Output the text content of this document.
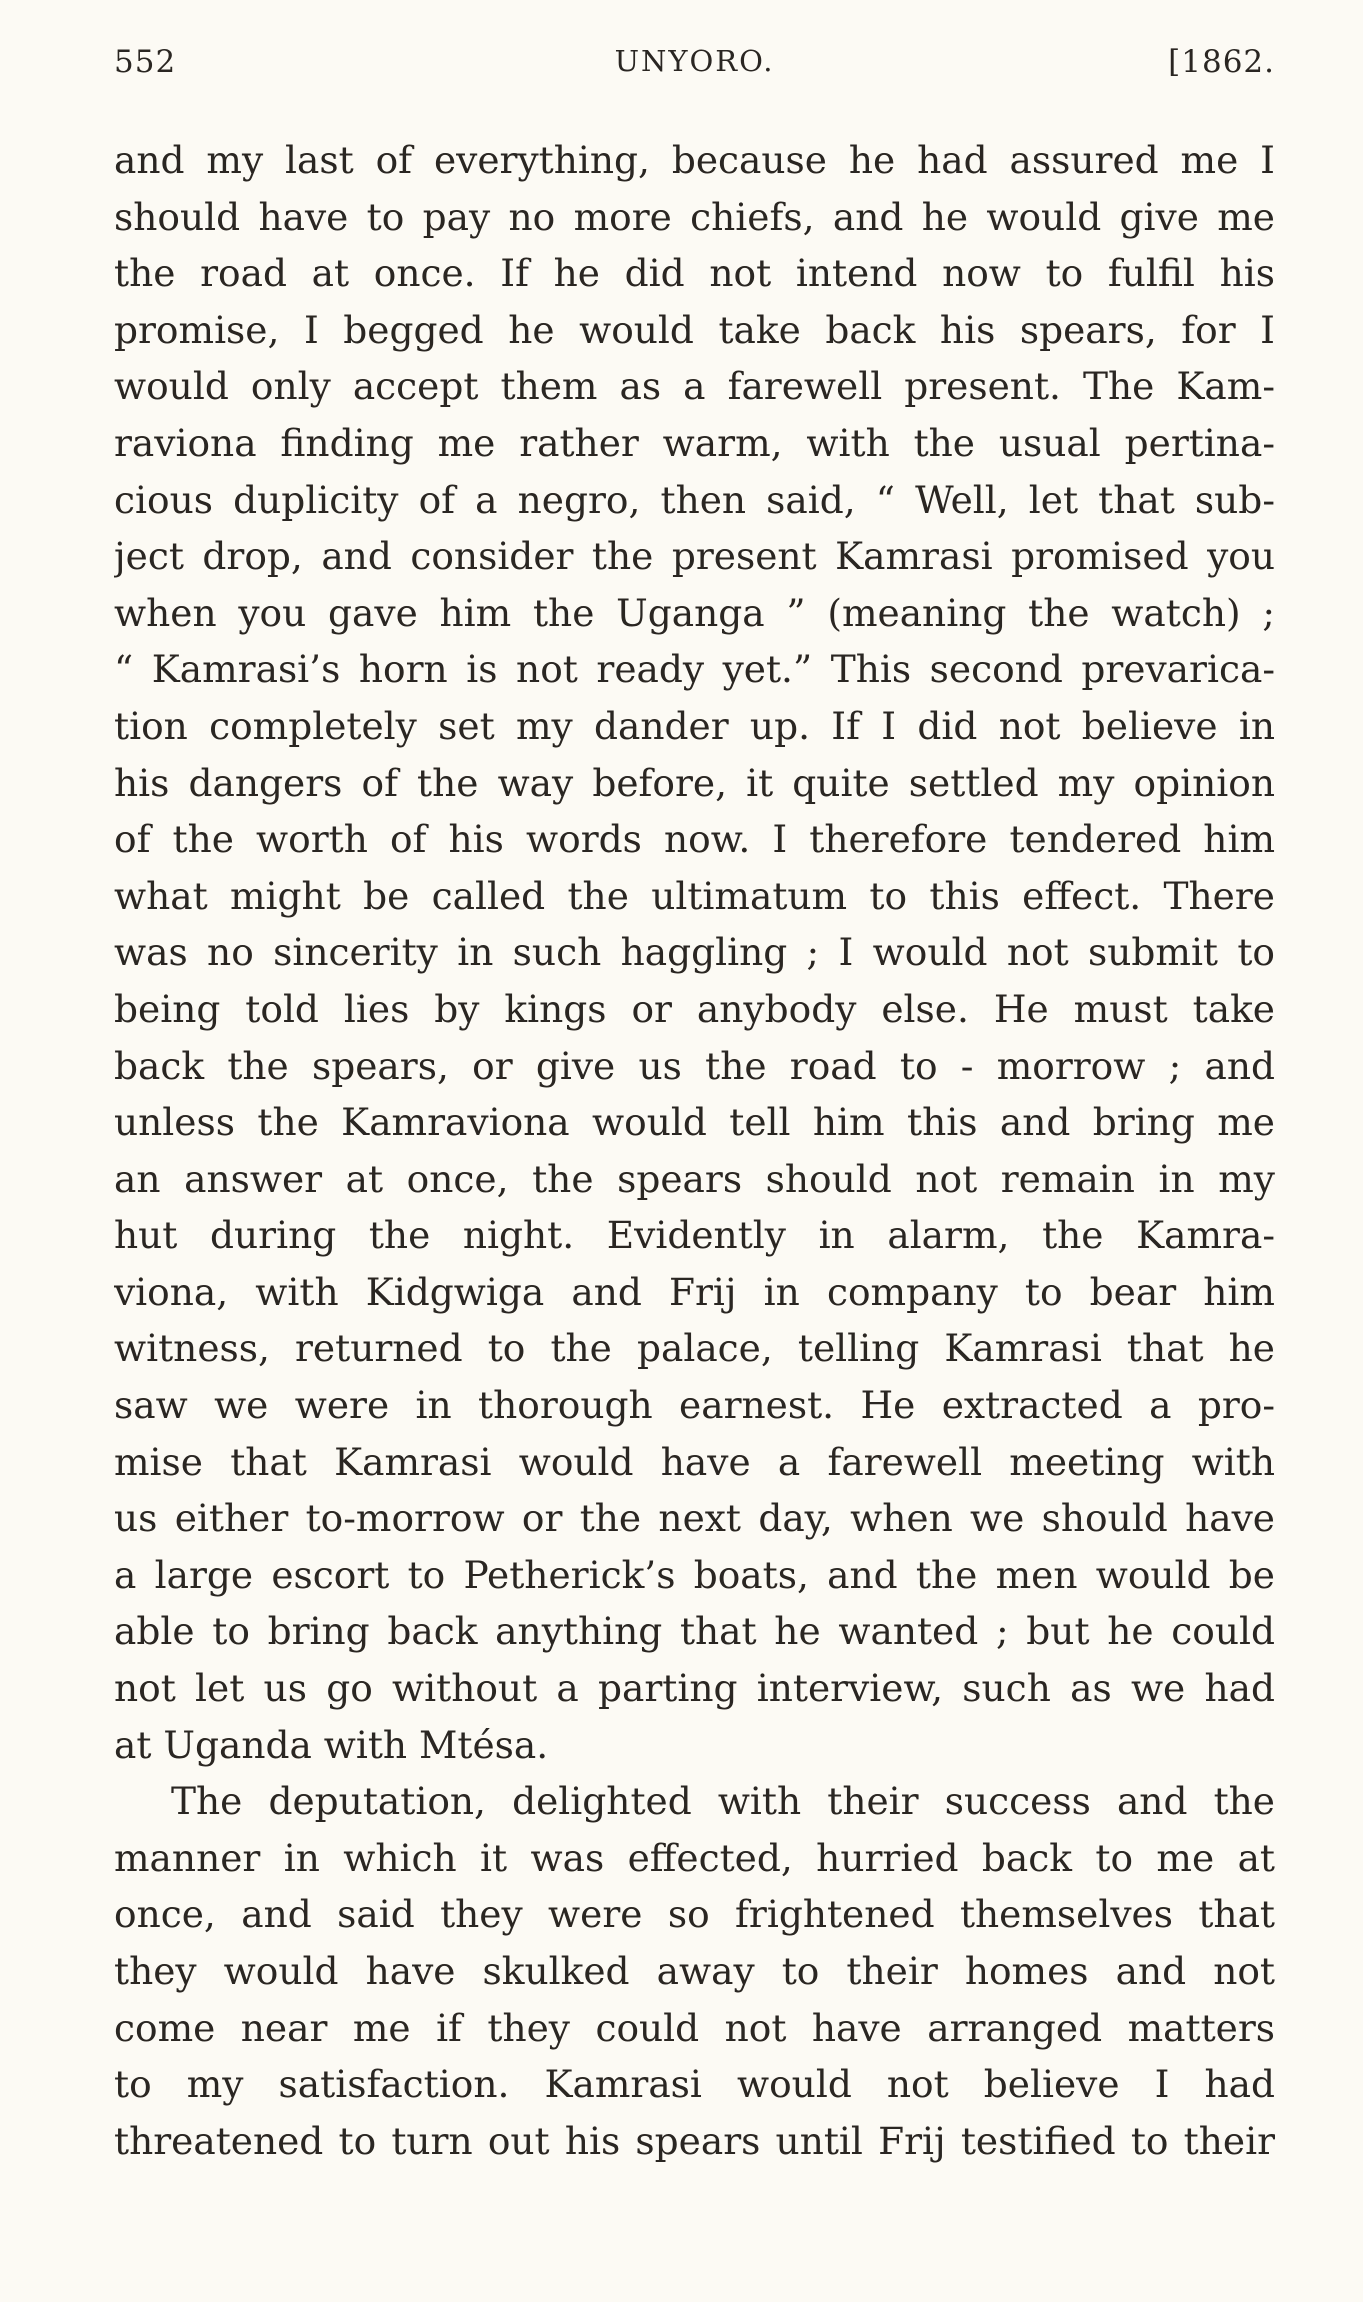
552	UNYORO.	[1862.
and my last of everything, because he had assured me I
should have to pay no more chiefs, and he would give me
the road at once. If he did not intend now to fulfil his
promise, I begged he would take back his spears, for I
would only accept them as a farewell present. The Kam-
raviona finding me rather warm, with the usual pertina-
cious duplicity of a negro, then said, “ Well, let that sub-
ject drop, and consider the present Kamrasi promised you
when you gave him the Uganga ” (meaning the watch) ;
“ Kamrasi’s horn is not ready yet.” This second prevarica-
tion completely set my dander up. If I did not believe in
his dangers of the way before, it quite settled my opinion
of the worth of his words now. I therefore tendered him
what might be called the ultimatum to this effect. There
was no sincerity in such haggling ; I would not submit to
being told lies by kings or anybody else. He must take
back the spears, or give us the road to - morrow ; and
unless the Kamraviona would tell him this and bring me
an answer at once, the spears should not remain in my
hut during the night. Evidently in alarm, the Kamra-
viona, with Kidgwiga and Frij in company to bear him
witness, returned to the palace, telling Kamrasi that he
saw we were in thorough earnest. He extracted a pro-
mise that Kamrasi would have a farewell meeting with
us either to-morrow or the next day, when we should have
a large escort to Petherick’s boats, and the men would be
able to bring back anything that he wanted ; but he could
not let us go without a parting interview, such as we had
at Uganda with Mtésa.
The deputation, delighted with their success and the
manner in which it was effected, hurried back to me at
once, and said they were so frightened themselves that
they would have skulked away to their homes and not
come near me if they could not have arranged matters
to my satisfaction. Kamrasi would not believe I had
threatened to turn out his spears until Frij testified to their
